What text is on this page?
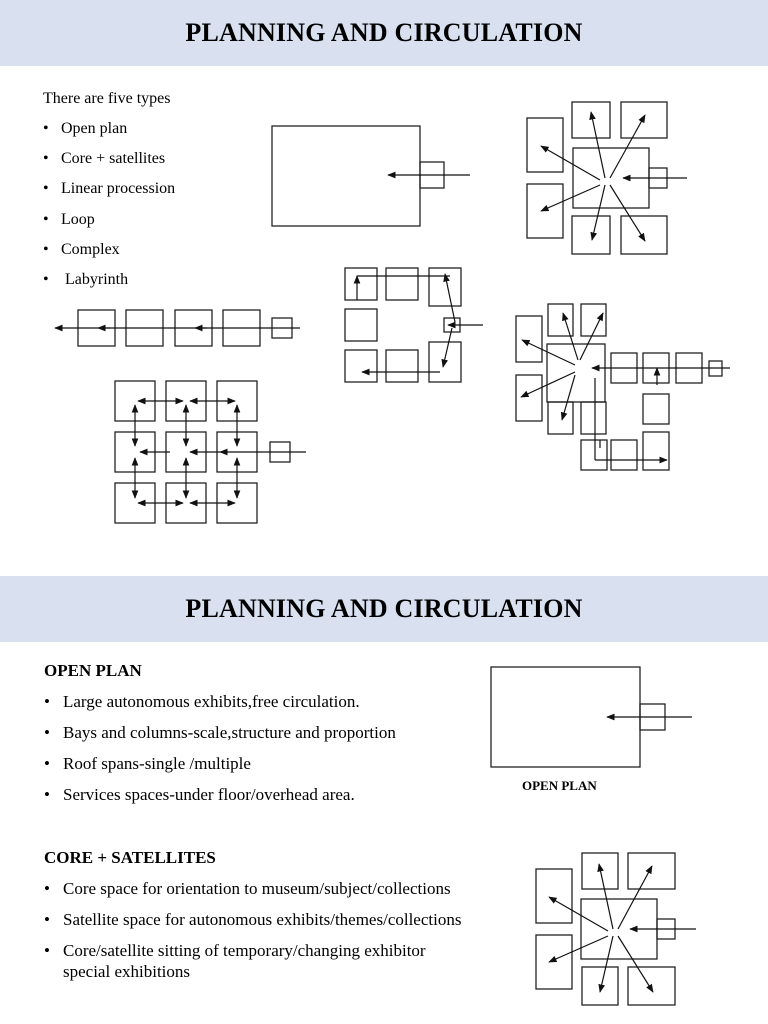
PLANNING AND CIRCULATION
There are five types
• Open plan
• Core + satellites
• Linear procession
• Loop
• Complex
• Labyrinth
PLANNING AND CIRCULATION
OPEN PLAN
• Large autonomous exhibits,free circulation.
• Bays and columns-scale,structure and proportion
• Roof spans-single /multiple
• Services spaces-under floor/overhead area.
CORE + SATELLITES
• Core space for orientation to museum/subject/collections
• Satellite space for autonomous exhibits/themes/collections
• Core/satellite sitting of temporary/changing exhibitor special exhibitions
OPEN PLAN
